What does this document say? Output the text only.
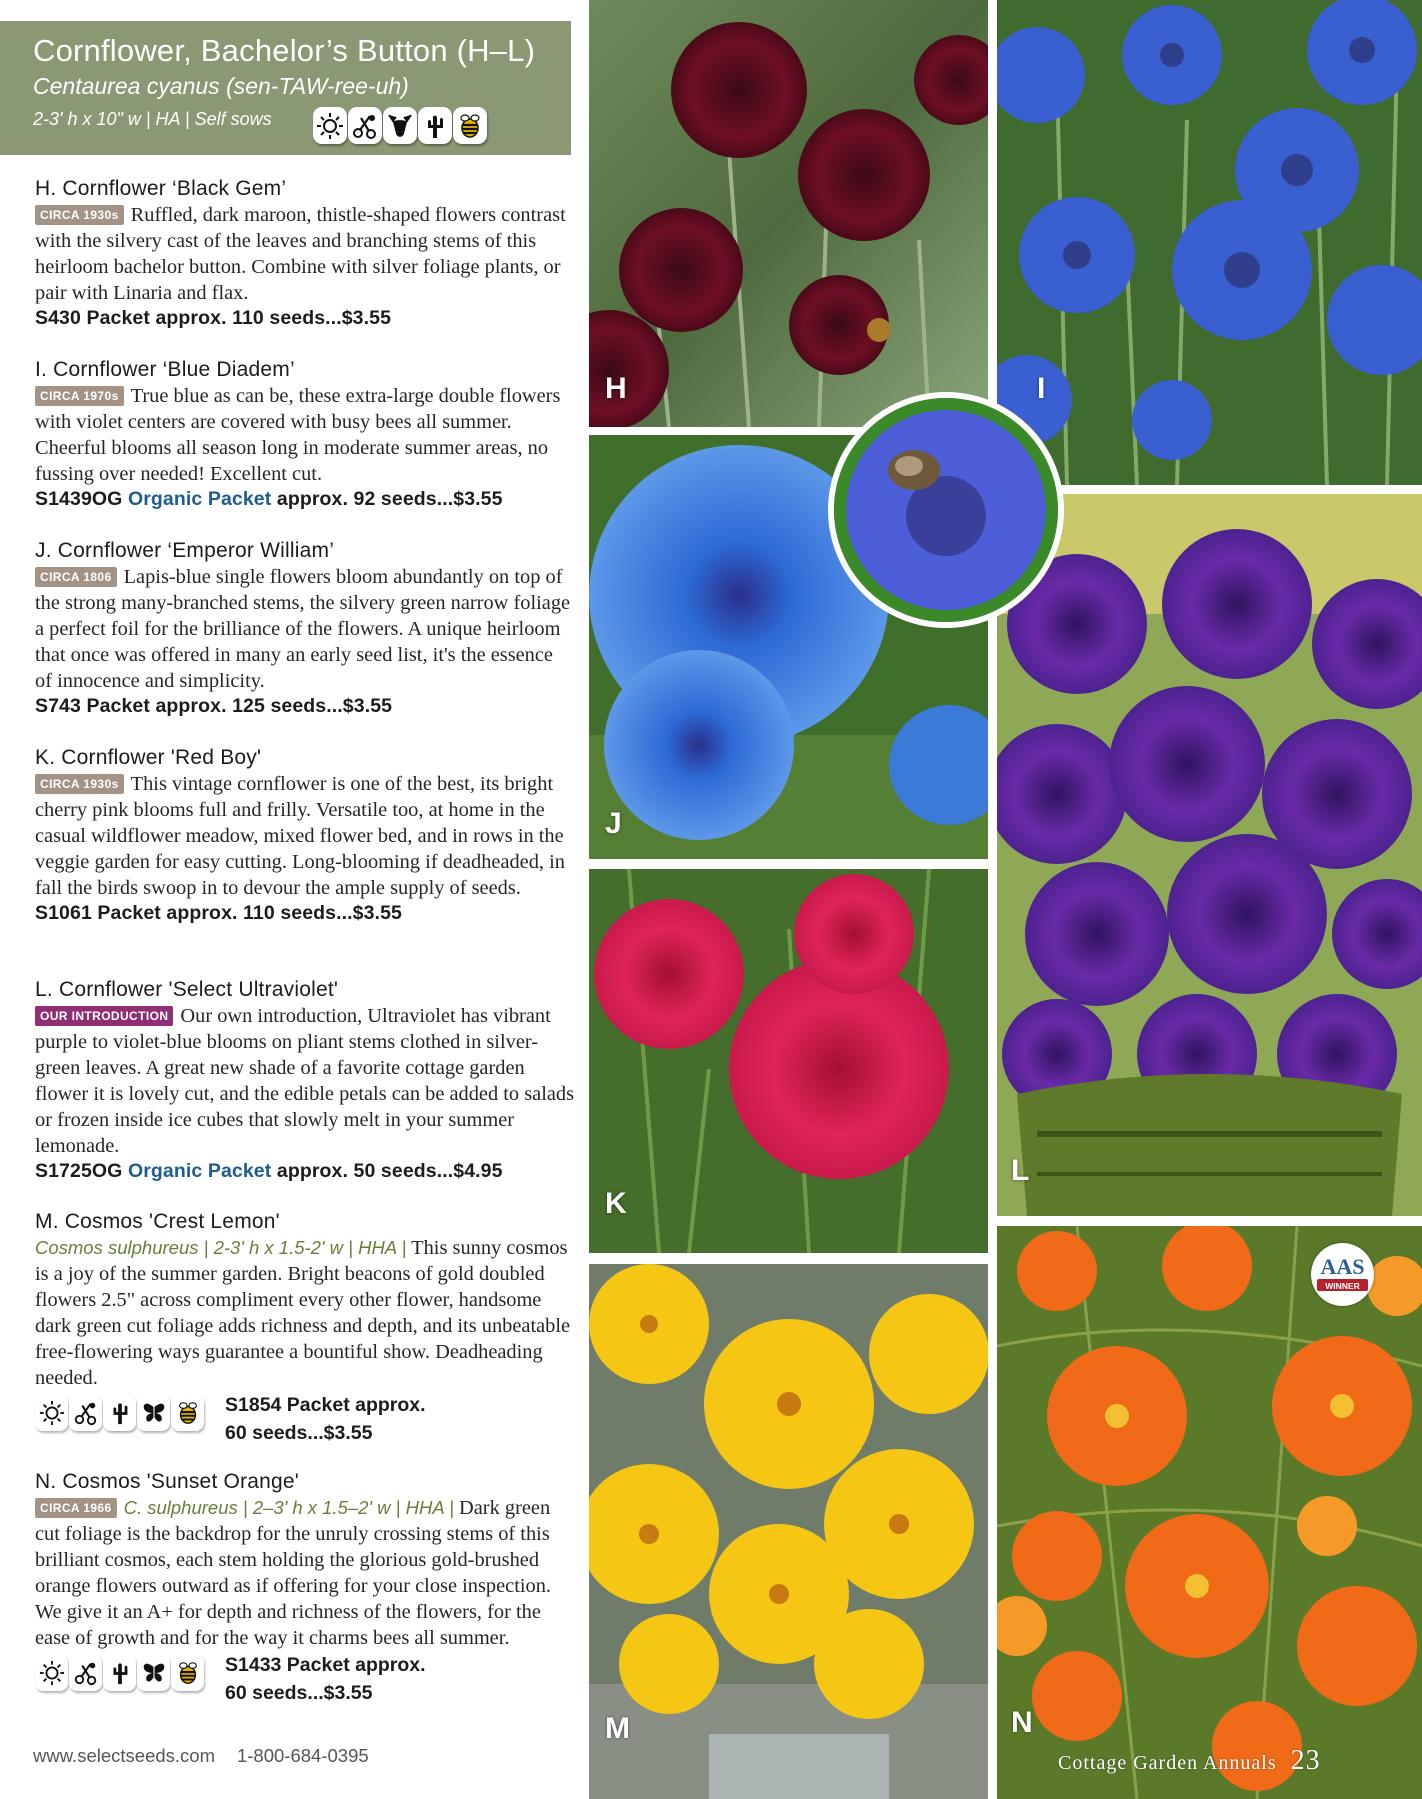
Cornflower, Bachelor’s Button (H–L)
Centaurea cyanus (sen-TAW-ree-uh)
2-3' h x 10" w | HA | Self sows
H. Cornflower ‘Black Gem’
CIRCA 1930s Ruffled, dark maroon, thistle-shaped flowers contrast with the silvery cast of the leaves and branching stems of this heirloom bachelor button. Combine with silver foliage plants, or pair with Linaria and flax.
S430 Packet approx. 110 seeds...$3.55
I. Cornflower ‘Blue Diadem’
CIRCA 1970s True blue as can be, these extra-large double flowers with violet centers are covered with busy bees all summer. Cheerful blooms all season long in moderate summer areas, no fussing over needed! Excellent cut.
S1439OG Organic Packet approx. 92 seeds...$3.55
J. Cornflower ‘Emperor William’
CIRCA 1806 Lapis-blue single flowers bloom abundantly on top of the strong many-branched stems, the silvery green narrow foliage a perfect foil for the brilliance of the flowers. A unique heirloom that once was offered in many an early seed list, it's the essence of innocence and simplicity.
S743 Packet approx. 125 seeds...$3.55
K. Cornflower 'Red Boy'
CIRCA 1930s This vintage cornflower is one of the best, its bright cherry pink blooms full and frilly. Versatile too, at home in the casual wildflower meadow, mixed flower bed, and in rows in the veggie garden for easy cutting. Long-blooming if deadheaded, in fall the birds swoop in to devour the ample supply of seeds.
S1061 Packet approx. 110 seeds...$3.55
L. Cornflower 'Select Ultraviolet'
OUR INTRODUCTION Our own introduction, Ultraviolet has vibrant purple to violet-blue blooms on pliant stems clothed in silver-green leaves. A great new shade of a favorite cottage garden flower it is lovely cut, and the edible petals can be added to salads or frozen inside ice cubes that slowly melt in your summer lemonade.
S1725OG Organic Packet approx. 50 seeds...$4.95
M. Cosmos 'Crest Lemon'
Cosmos sulphureus | 2-3' h x 1.5-2' w | HHA | This sunny cosmos is a joy of the summer garden. Bright beacons of gold doubled flowers 2.5" across compliment every other flower, handsome dark green cut foliage adds richness and depth, and its unbeatable free-flowering ways guarantee a bountiful show. Deadheading needed.
S1854 Packet approx.
60 seeds...$3.55
N. Cosmos 'Sunset Orange'
CIRCA 1966 C. sulphureus | 2–3' h x 1.5–2' w | HHA | Dark green cut foliage is the backdrop for the unruly crossing stems of this brilliant cosmos, each stem holding the glorious gold-brushed orange flowers outward as if offering for your close inspection. We give it an A+ for depth and richness of the flowers, for the ease of growth and for the way it charms bees all summer.
S1433 Packet approx.
60 seeds...$3.55
www.selectseeds.com 1-800-684-0395
H	I
J
L
K
M	N
AAS
WINNER
Cottage Garden Annuals 23
